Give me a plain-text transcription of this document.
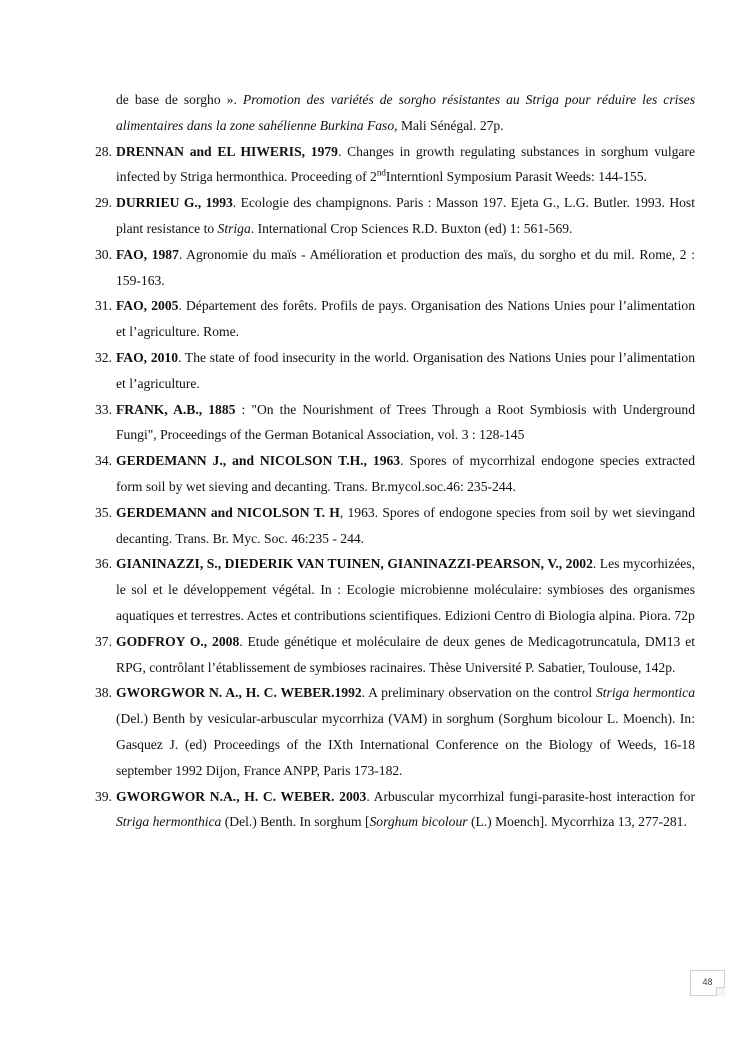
de base de sorgho ». Promotion des variétés de sorgho résistantes au Striga pour réduire les crises alimentaires dans la zone sahélienne Burkina Faso, Mali Sénégal. 27p.
28. DRENNAN and EL HIWERIS, 1979. Changes in growth regulating substances in sorghum vulgare infected by Striga hermonthica. Proceeding of 2ndInterntionl Symposium Parasit Weeds: 144-155.
29. DURRIEU G., 1993. Ecologie des champignons. Paris : Masson 197. Ejeta G., L.G. Butler. 1993. Host plant resistance to Striga. International Crop Sciences R.D. Buxton (ed) 1: 561-569.
30. FAO, 1987. Agronomie du maïs - Amélioration et production des maïs, du sorgho et du mil. Rome, 2 : 159-163.
31. FAO, 2005. Département des forêts. Profils de pays. Organisation des Nations Unies pour l’alimentation et l’agriculture. Rome.
32. FAO, 2010. The state of food insecurity in the world. Organisation des Nations Unies pour l’alimentation et l’agriculture.
33. FRANK, A.B., 1885 : "On the Nourishment of Trees Through a Root Symbiosis with Underground Fungi", Proceedings of the German Botanical Association, vol. 3 : 128-145
34. GERDEMANN J., and NICOLSON T.H., 1963. Spores of mycorrhizal endogone species extracted form soil by wet sieving and decanting. Trans. Br.mycol.soc.46: 235-244.
35. GERDEMANN and NICOLSON T. H, 1963. Spores of endogone species from soil by wet sievingand decanting. Trans. Br. Myc. Soc. 46:235 - 244.
36. GIANINAZZI, S., DIEDERIK VAN TUINEN, GIANINAZZI-PEARSON, V., 2002. Les mycorhizées, le sol et le développement végétal. In : Ecologie microbienne moléculaire: symbioses des organismes aquatiques et terrestres. Actes et contributions scientifiques. Edizioni Centro di Biologia alpina. Piora. 72p
37. GODFROY O., 2008. Etude génétique et moléculaire de deux genes de Medicagotruncatula, DM13 et RPG, contrôlant l’établissement de symbioses racinaires. Thèse Université P. Sabatier, Toulouse, 142p.
38. GWORGWOR N. A., H. C. WEBER.1992. A preliminary observation on the control Striga hermontica (Del.) Benth by vesicular-arbuscular mycorrhiza (VAM) in sorghum (Sorghum bicolour L. Moench). In: Gasquez J. (ed) Proceedings of the IXth International Conference on the Biology of Weeds, 16-18 september 1992 Dijon, France ANPP, Paris 173-182.
39. GWORGWOR N.A., H. C. WEBER. 2003. Arbuscular mycorrhizal fungi-parasite-host interaction for Striga hermonthica (Del.) Benth. In sorghum [Sorghum bicolour (L.) Moench]. Mycorrhiza 13, 277-281.
48
